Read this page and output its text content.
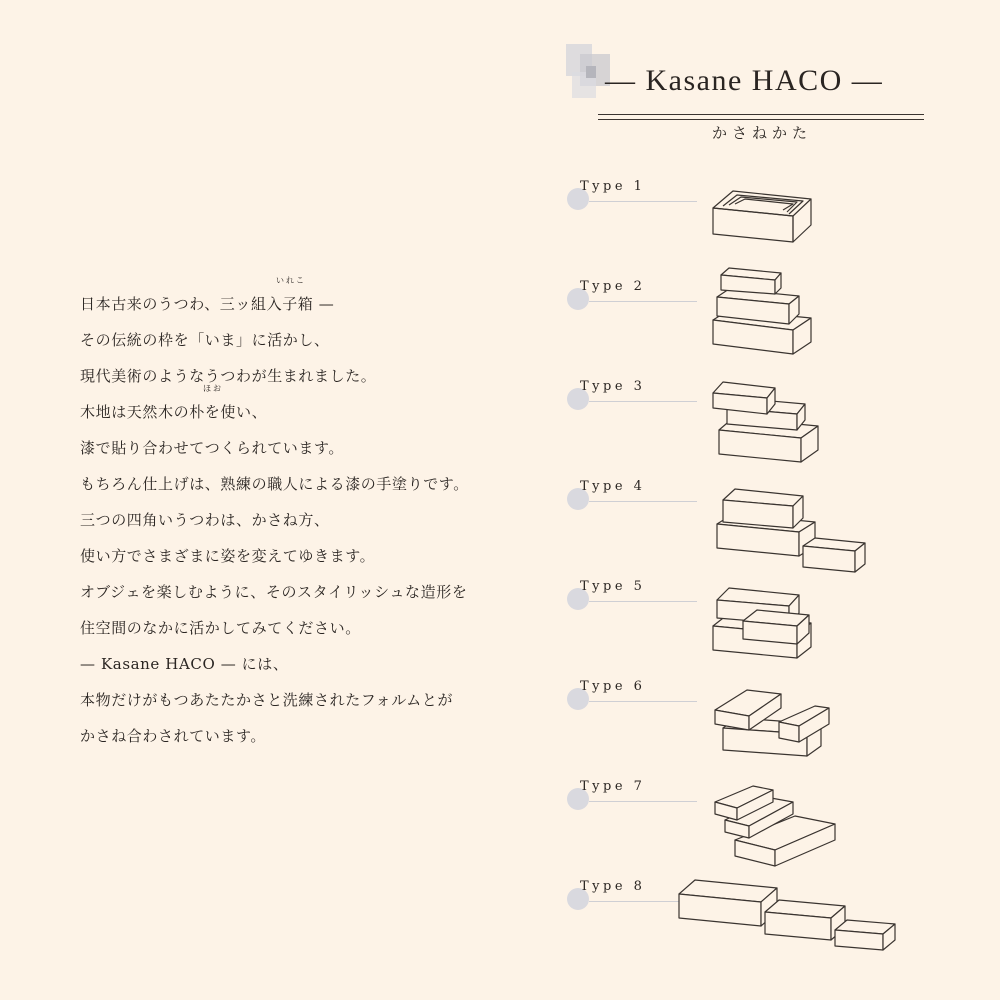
— Kasane HACO —
かさねかた
いれこ
日本古来のうつわ、三ッ組入子箱 —
その伝統の枠を「いま」に活かし、
現代美術のようなうつわが生まれました。
ほお
木地は天然木の朴を使い、
漆で貼り合わせてつくられています。
もちろん仕上げは、熟練の職人による漆の手塗りです。
三つの四角いうつわは、かさね方、
使い方でさまざまに姿を変えてゆきます。
オブジェを楽しむように、そのスタイリッシュな造形を
住空間のなかに活かしてみてください。
— Kasane HACO — には、
本物だけがもつあたたかさと洗練されたフォルムとが
かさね合わされています。
Type 1
Type 2
Type 3
Type 4
Type 5
Type 6
Type 7
Type 8
